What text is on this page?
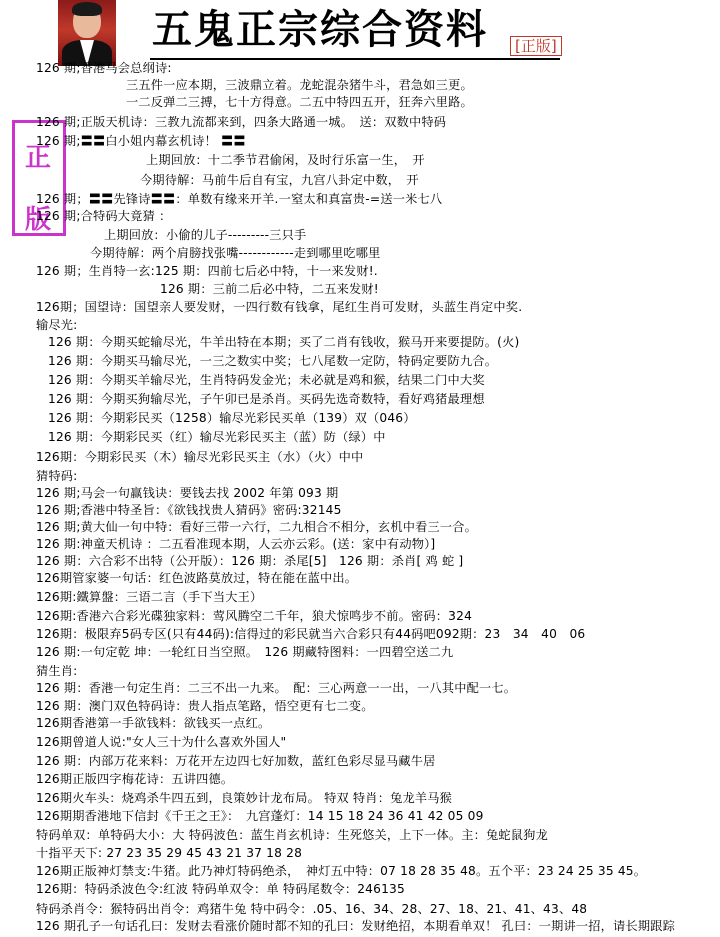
五鬼正宗综合资料	[正版]
正
版
126 期;香港马会总纲诗:
三五件一应本期，三波鼎立着。龙蛇混杂猪牛斗，君急如三更。
一二反弹二三搏，七十方得意。二五中特四五开，狂奔六里路。
126 期;正版天机诗：三教九流都来到，四条大路通一城。　送：双数中特码
126 期;〓〓白小姐内幕玄机诗！ 〓〓
上期回放：十二季节君偷闲，及时行乐富一生，　开
今期待解：马前牛后自有宝，九宫八卦定中数，　开
126 期；〓〓先锋诗〓〓：单数有缘来开羊.一窒太和真富贵-=送一米七八
126 期;合特码大竟猜 ：
上期回放：小偷的儿子---------三只手
今期待解：两个肩膀找张嘴------------走到哪里吃哪里
126 期；生肖特一玄:125 期：四前七后必中特，十一来发财!.
126 期：三前二后必中特，二五来发财!
126期；国望诗：国望亲人要发财，一四行数有钱拿，尾红生肖可发财，头蓝生肖定中奖.
输尽光:
126 期：今期买蛇输尽光，牛羊出特在本期；买了二肖有钱收，猴马开来要提防。(火)
126 期：今期买马输尽光，一三之数实中奖；七八尾数一定防，特码定要防九合。
126 期：今期买羊输尽光，生肖特码发金光；未必就是鸡和猴，结果二门中大奖
126 期：今期买狗输尽光，子午卯已是杀肖。买码先选奇数特，看好鸡猪最理想
126 期：今期彩民买（1258）输尽光彩民买单（139）双（046）
126 期：今期彩民买（红）输尽光彩民买主（蓝）防（绿）中
126期：今期彩民买（木）输尽光彩民买主（水）（火）中中
猜特码:
126 期;马会一句赢钱诀：要钱去找 2002 年第 093 期
126 期;香港中特圣旨：《欲钱找贵人猜码》密码:32145
126 期;黄大仙一句中特：看好三带一六行，二九相合不相分，玄机中看三一合。
126 期:神童天机诗 ：二五看准现本期，人云亦云彩。(送：家中有动物）]
126 期：六合彩不出特（公开版）：126 期：杀尾[5]　126 期：杀肖[ 鸡 蛇 ]
126期管家婆一句话：红色波路莫放过，特在能在蓝中出。
126期:鐵算盤：三语二言（手下当大王）
126期:香港六合彩光碟独家料：莺风腾空二千年，狼犬惊鸣步不前。密码：324
126期：极限弃5码专区(只有44码):信得过的彩民就当六合彩只有44码吧092期：23　34　40　06
126 期:一句定乾 坤：一轮红日当空照。　126 期藏特图料：一四碧空送二九
猜生肖:
126 期：香港一句定生肖：二三不出一九来。　配：三心两意一一出，一八其中配一七。
126 期：澳门双色特码诗：贵人指点笔路，悟空更有七二变。
126期香港第一手欲钱料：欲钱买一点红。
126期曾道人说:"女人三十为什么喜欢外国人"
126 期：内部万花来料：万花开左边四七好加数，蓝红色彩尽显马藏牛居
126期正版四字梅花诗：五讲四德。
126期火车头：烧鸡杀牛四五到，良策妙计龙布局。 特双 特肖：兔龙羊马猴
126期期香港地下信封《千王之王》：　九宫蓬灯：14 15 18 24 36 41 42 05 09
特码单双：单特码大小：大 特码波色：蓝生肖玄机诗：生死悠关，上下一体。主：兔蛇鼠狗龙
十指平天下: 27 23 35 29 45 43 21 37 18 28
126期正版神灯禁支:牛猪。此乃神灯特码绝杀，　神灯五中特：07 18 28 35 48。五个平：23 24 25 35 45。
126期：特码杀波色令:红波 特码单双令：单 特码尾数令：246135
特码杀肖令：猴特码出肖令：鸡猪牛兔 特中码令：.05、16、34、28、27、18、21、41、43、48
126 期孔子一句话孔曰：发财去看涨价随时都不知的孔曰：发财绝招，本期看单双！ 孔曰：一期讲一招，请长期跟踪
